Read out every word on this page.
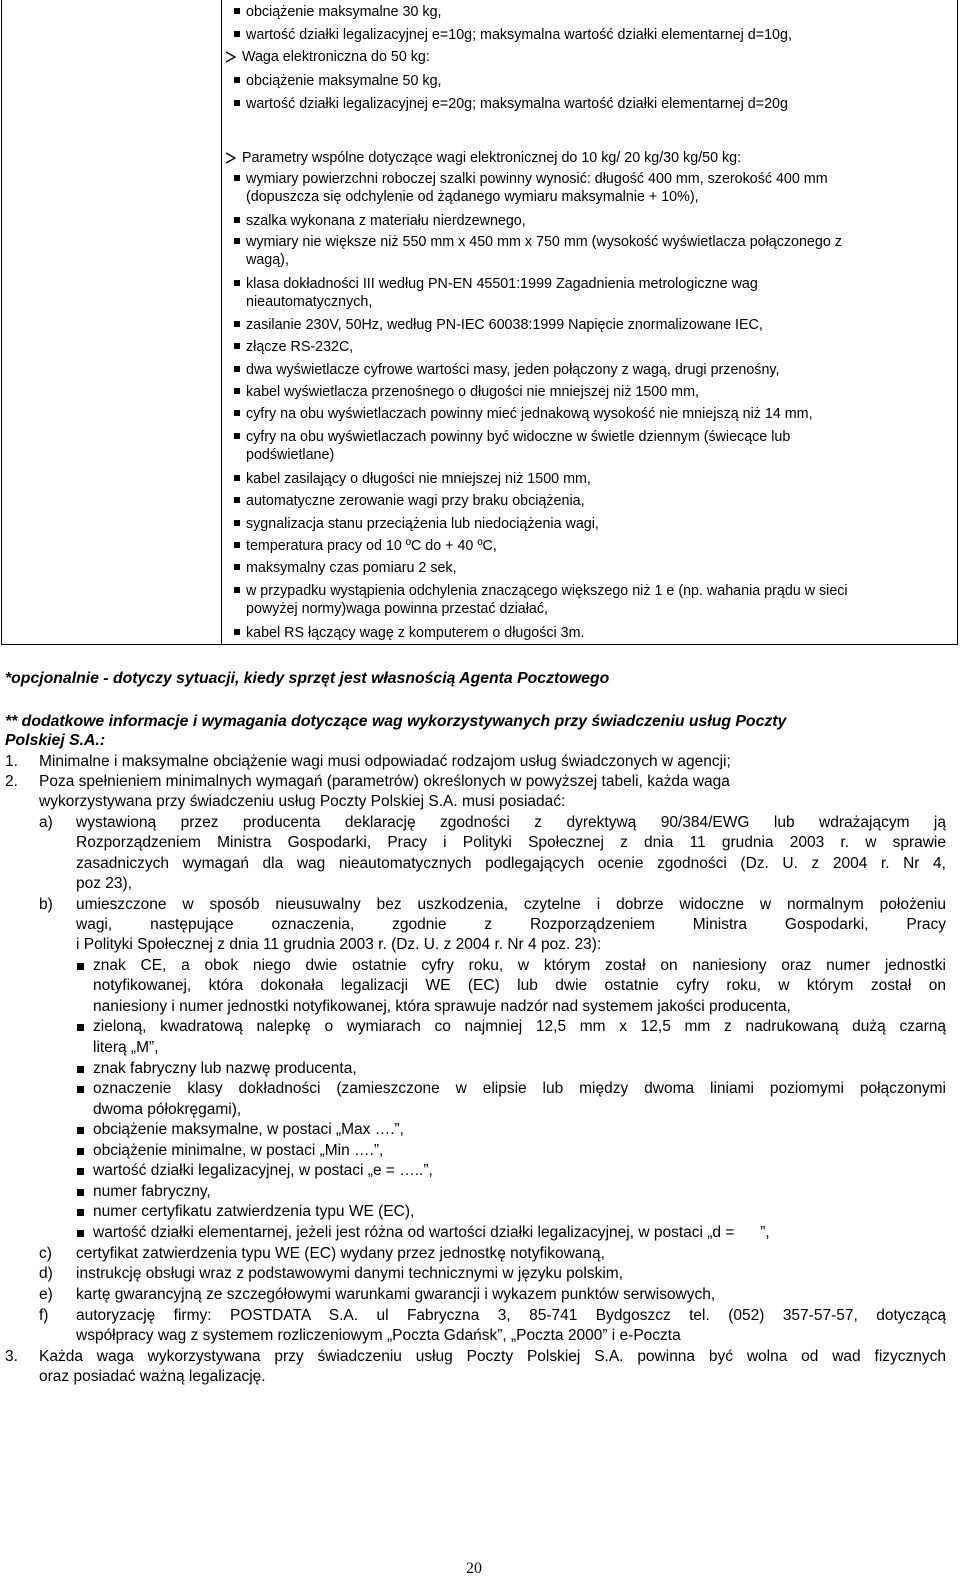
obciążenie maksymalne 30 kg,
wartość działki legalizacyjnej e=10g; maksymalna wartość działki elementarnej d=10g,
Waga elektroniczna do 50 kg:
obciążenie maksymalne 50 kg,
wartość działki legalizacyjnej e=20g; maksymalna wartość działki elementarnej d=20g
Parametry wspólne dotyczące wagi elektronicznej do 10 kg/ 20 kg/30 kg/50 kg:
wymiary powierzchni roboczej szalki powinny wynosić: długość 400 mm, szerokość 400 mm
(dopuszcza się odchylenie od żądanego wymiaru maksymalnie + 10%),
szalka wykonana z materiału nierdzewnego,
wymiary nie większe niż 550 mm x 450 mm x 750 mm (wysokość wyświetlacza połączonego z
wagą),
klasa dokładności III według PN-EN 45501:1999 Zagadnienia metrologiczne wag
nieautomatycznych,
zasilanie 230V, 50Hz, według PN-IEC 60038:1999 Napięcie znormalizowane IEC,
złącze RS-232C,
dwa wyświetlacze cyfrowe wartości masy, jeden połączony z wagą, drugi przenośny,
kabel wyświetlacza przenośnego o długości nie mniejszej niż 1500 mm,
cyfry na obu wyświetlaczach powinny mieć jednakową wysokość nie mniejszą niż 14 mm,
cyfry na obu wyświetlaczach powinny być widoczne w świetle dziennym (świecące lub
podświetlane)
kabel zasilający o długości nie mniejszej niż 1500 mm,
automatyczne zerowanie wagi przy braku obciążenia,
sygnalizacja stanu przeciążenia lub niedociążenia wagi,
temperatura pracy od 10 ºC do + 40 ºC,
maksymalny czas pomiaru 2 sek,
w przypadku wystąpienia odchylenia znaczącego większego niż 1 e (np. wahania prądu w sieci
powyżej normy)waga powinna przestać działać,
kabel RS łączący wagę z komputerem o długości 3m.
*opcjonalnie - dotyczy sytuacji, kiedy sprzęt jest własnością Agenta Pocztowego
** dodatkowe informacje i wymagania dotyczące wag wykorzystywanych przy świadczeniu usług Poczty
Polskiej S.A.:
1. Minimalne i maksymalne obciążenie wagi musi odpowiadać rodzajom usług świadczonych w agencji;
2. Poza spełnieniem minimalnych wymagań (parametrów) określonych w powyższej tabeli, każda waga
wykorzystywana przy świadczeniu usług Poczty Polskiej S.A. musi posiadać:
a) wystawioną przez producenta deklarację zgodności z dyrektywą 90/384/EWG lub wdrażającym ją
Rozporządzeniem Ministra Gospodarki, Pracy i Polityki Społecznej z dnia 11 grudnia 2003 r. w sprawie
zasadniczych wymagań dla wag nieautomatycznych podlegających ocenie zgodności (Dz. U. z 2004 r. Nr 4,
poz 23),
b) umieszczone w sposób nieusuwalny bez uszkodzenia, czytelne i dobrze widoczne w normalnym położeniu
wagi, następujące oznaczenia, zgodnie z Rozporządzeniem Ministra Gospodarki, Pracy
i Polityki Społecznej z dnia 11 grudnia 2003 r. (Dz. U. z 2004 r. Nr 4 poz. 23):
znak CE, a obok niego dwie ostatnie cyfry roku, w którym został on naniesiony oraz numer jednostki
notyfikowanej, która dokonała legalizacji WE (EC) lub dwie ostatnie cyfry roku, w którym został on
naniesiony i numer jednostki notyfikowanej, która sprawuje nadzór nad systemem jakości producenta,
zieloną, kwadratową nalepkę o wymiarach co najmniej 12,5 mm x 12,5 mm z nadrukowaną dużą czarną
literą „M”,
znak fabryczny lub nazwę producenta,
oznaczenie klasy dokładności (zamieszczone w elipsie lub między dwoma liniami poziomymi połączonymi
dwoma półokręgami),
obciążenie maksymalne, w postaci „Max ….”,
obciążenie minimalne, w postaci „Min ….”,
wartość działki legalizacyjnej, w postaci „e = …..”,
numer fabryczny,
numer certyfikatu zatwierdzenia typu WE (EC),
wartość działki elementarnej, jeżeli jest różna od wartości działki legalizacyjnej, w postaci „d =      ”,
c) certyfikat zatwierdzenia typu WE (EC) wydany przez jednostkę notyfikowaną,
d) instrukcję obsługi wraz z podstawowymi danymi technicznymi w języku polskim,
e) kartę gwarancyjną ze szczegółowymi warunkami gwarancji i wykazem punktów serwisowych,
f) autoryzację firmy: POSTDATA S.A. ul Fabryczna 3, 85-741 Bydgoszcz tel. (052) 357-57-57, dotyczącą
współpracy wag z systemem rozliczeniowym „Poczta Gdańsk”, „Poczta 2000” i e-Poczta
3. Każda waga wykorzystywana przy świadczeniu usług Poczty Polskiej S.A. powinna być wolna od wad fizycznych
oraz posiadać ważną legalizację.
20
